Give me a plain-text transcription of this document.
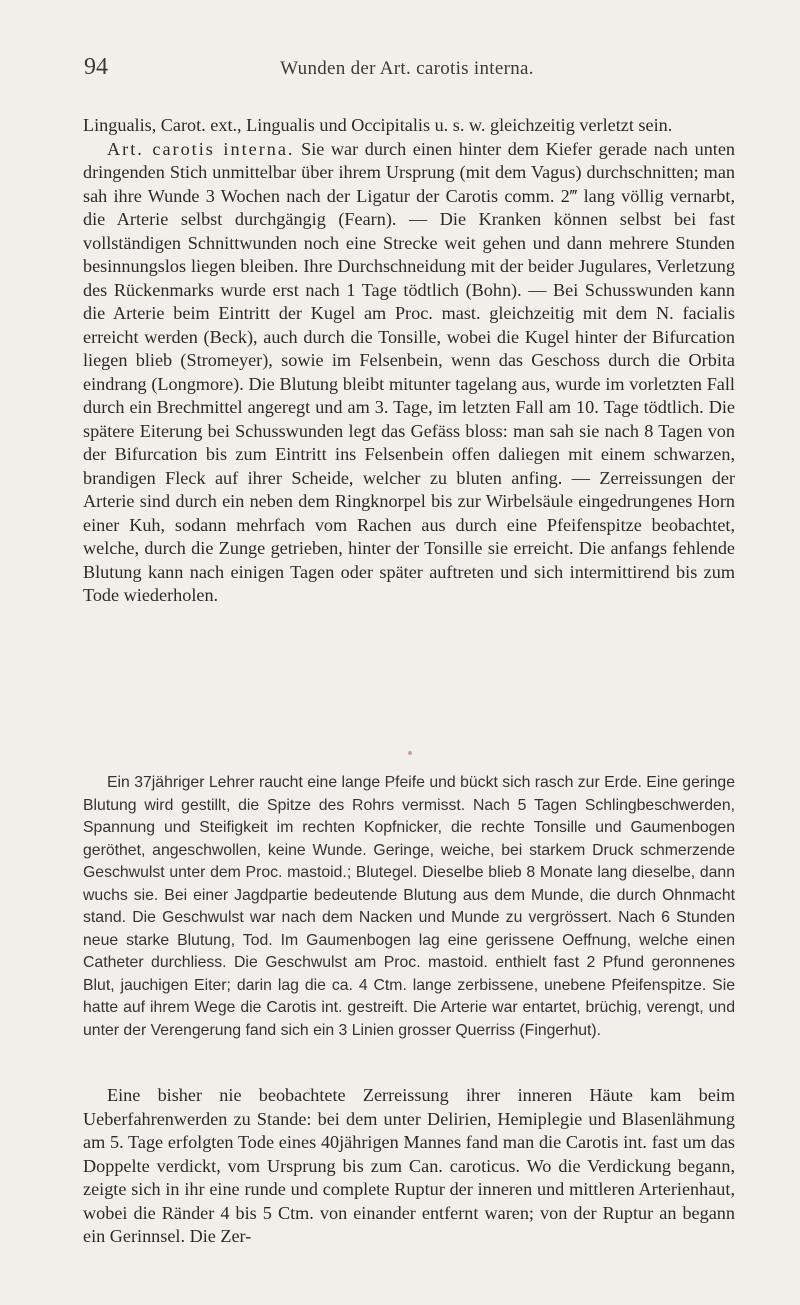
94	Wunden der Art. carotis interna.

Lingualis, Carot. ext., Lingualis und Occipitalis u. s. w. gleichzeitig verletzt sein.

Art. carotis interna. Sie war durch einen hinter dem Kiefer gerade nach unten dringenden Stich unmittelbar über ihrem Ursprung (mit dem Vagus) durchschnitten; man sah ihre Wunde 3 Wochen nach der Ligatur der Carotis comm. 2‴ lang völlig vernarbt, die Arterie selbst durchgängig (Fearn). — Die Kranken können selbst bei fast vollständigen Schnittwunden noch eine Strecke weit gehen und dann mehrere Stunden besinnungslos liegen bleiben. Ihre Durchschneidung mit der beider Jugulares, Verletzung des Rückenmarks wurde erst nach 1 Tage tödtlich (Bohn). — Bei Schusswunden kann die Arterie beim Eintritt der Kugel am Proc. mast. gleichzeitig mit dem N. facialis erreicht werden (Beck), auch durch die Tonsille, wobei die Kugel hinter der Bifurcation liegen blieb (Stromeyer), sowie im Felsenbein, wenn das Geschoss durch die Orbita eindrang (Longmore). Die Blutung bleibt mitunter tagelang aus, wurde im vorletzten Fall durch ein Brechmittel angeregt und am 3. Tage, im letzten Fall am 10. Tage tödtlich. Die spätere Eiterung bei Schusswunden legt das Gefäss bloss: man sah sie nach 8 Tagen von der Bifurcation bis zum Eintritt ins Felsenbein offen daliegen mit einem schwarzen, brandigen Fleck auf ihrer Scheide, welcher zu bluten anfing. — Zerreissungen der Arterie sind durch ein neben dem Ringknorpel bis zur Wirbelsäule eingedrungenes Horn einer Kuh, sodann mehrfach vom Rachen aus durch eine Pfeifenspitze beobachtet, welche, durch die Zunge getrieben, hinter der Tonsille sie erreicht. Die anfangs fehlende Blutung kann nach einigen Tagen oder später auftreten und sich intermittirend bis zum Tode wiederholen.

Ein 37jähriger Lehrer raucht eine lange Pfeife und bückt sich rasch zur Erde. Eine geringe Blutung wird gestillt, die Spitze des Rohrs vermisst. Nach 5 Tagen Schlingbeschwerden, Spannung und Steifigkeit im rechten Kopfnicker, die rechte Tonsille und Gaumenbogen geröthet, angeschwollen, keine Wunde. Geringe, weiche, bei starkem Druck schmerzende Geschwulst unter dem Proc. mastoid.; Blutegel. Dieselbe blieb 8 Monate lang dieselbe, dann wuchs sie. Bei einer Jagdpartie bedeutende Blutung aus dem Munde, die durch Ohnmacht stand. Die Geschwulst war nach dem Nacken und Munde zu vergrössert. Nach 6 Stunden neue starke Blutung, Tod. Im Gaumenbogen lag eine gerissene Oeffnung, welche einen Catheter durchliess. Die Geschwulst am Proc. mastoid. enthielt fast 2 Pfund geronnenes Blut, jauchigen Eiter; darin lag die ca. 4 Ctm. lange zerbissene, unebene Pfeifenspitze. Sie hatte auf ihrem Wege die Carotis int. gestreift. Die Arterie war entartet, brüchig, verengt, und unter der Verengerung fand sich ein 3 Linien grosser Querriss (Fingerhut).

Eine bisher nie beobachtete Zerreissung ihrer inneren Häute kam beim Ueberfahrenwerden zu Stande: bei dem unter Delirien, Hemiplegie und Blasenlähmung am 5. Tage erfolgten Tode eines 40jährigen Mannes fand man die Carotis int. fast um das Doppelte verdickt, vom Ursprung bis zum Can. caroticus. Wo die Verdickung begann, zeigte sich in ihr eine runde und complete Ruptur der inneren und mittleren Arterienhaut, wobei die Ränder 4 bis 5 Ctm. von einander entfernt waren; von der Ruptur an begann ein Gerinnsel. Die Zer-
